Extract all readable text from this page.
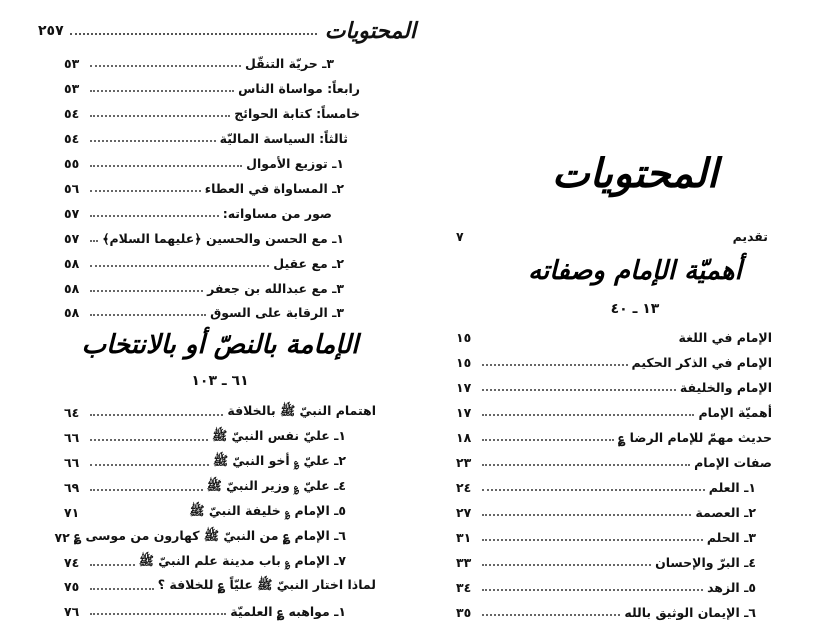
المحتويات
٢٥٧
٣ـ حريّة التنقّل
٥٣
رابعاً: مواساة الناس
٥٣
خامساً: كتابة الحوائج
٥٤
ثالثاً: السياسة الماليّة
٥٤
١ـ توزيع الأموال
٥٥
٢ـ المساواة في العطاء
٥٦
صور من مساواته:
٥٧
١ـ مع الحسن والحسين ﴿عليهما السلام﴾
٥٧
٢ـ مع عقيل
٥٨
٣ـ مع عبدالله بن جعفر
٥٨
٣ـ الرقابة على السوق
٥٨
الإمامة بالنصّ أو بالانتخاب
٦١ ـ ١٠٣
اهتمام النبيّ ﷺ بالخلافة
٦٤
١ـ عليّ نفس النبيّ ﷺ
٦٦
٢ـ عليّ ؏ أخو النبيّ ﷺ
٦٦
٤ـ عليّ ؏ وزير النبيّ ﷺ
٦٩
٥ـ الإمام ؏ خليفة النبيّ ﷺ
٧١
٦ـ الإمام ؏ من النبيّ ﷺ كهارون من موسى ؏
٧٢
٧ـ الإمام ؏ باب مدينة علم النبيّ ﷺ
٧٤
لماذا اختار النبيّ ﷺ عليّاً ؏ للخلافة ؟
٧٥
١ـ مواهبه ؏ العلميّة
٧٦
المحتويات
تقديم
٧
أهميّة الإمام وصفاته
١٣ ـ ٤٠
الإمام في اللغة
١٥
الإمام في الذكر الحكيم
١٥
الإمام والخليفة
١٧
أهميّة الإمام
١٧
حديث مهمّ للإمام الرضا ؏
١٨
صفات الإمام
٢٣
١ـ العلم
٢٤
٢ـ العصمة
٢٧
٣ـ الحلم
٣١
٤ـ البرّ والإحسان
٣٣
٥ـ الزهد
٣٤
٦ـ الإيمان الوثيق بالله
٣٥
